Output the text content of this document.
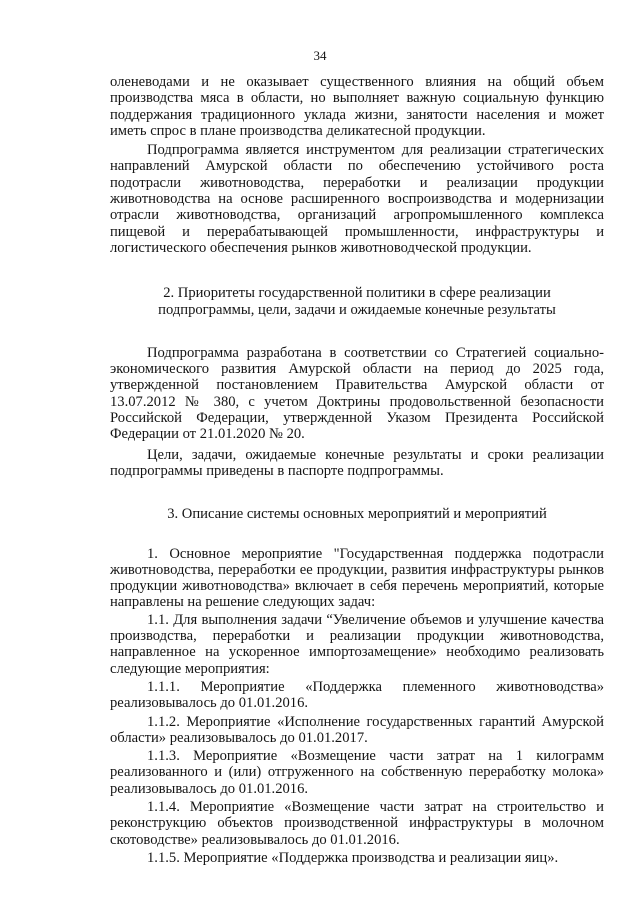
34

оленеводами и не оказывает существенного влияния на общий объем производства мяса в области, но выполняет важную социальную функцию поддержания традиционного уклада жизни, занятости населения и может иметь спрос в плане производства деликатесной продукции.

Подпрограмма является инструментом для реализации стратегических направлений Амурской области по обеспечению устойчивого роста подотрасли животноводства, переработки и реализации продукции животноводства на основе расширенного воспроизводства и модернизации отрасли животноводства, организаций агропромышленного комплекса пищевой и перерабатывающей промышленности, инфраструктуры и логистического обеспечения рынков животноводческой продукции.

2. Приоритеты государственной политики в сфере реализации
подпрограммы, цели, задачи и ожидаемые конечные результаты

Подпрограмма разработана в соответствии со Стратегией социально-экономического развития Амурской области на период до 2025 года, утвержденной постановлением Правительства Амурской области от 13.07.2012 № 380, с учетом Доктрины продовольственной безопасности Российской Федерации, утвержденной Указом Президента Российской Федерации от 21.01.2020 № 20.

Цели, задачи, ожидаемые конечные результаты и сроки реализации подпрограммы приведены в паспорте подпрограммы.

3. Описание системы основных мероприятий и мероприятий

1. Основное мероприятие "Государственная поддержка подотрасли животноводства, переработки ее продукции, развития инфраструктуры рынков продукции животноводства» включает в себя перечень мероприятий, которые направлены на решение следующих задач:

1.1. Для выполнения задачи “Увеличение объемов и улучшение качества производства, переработки и реализации продукции животноводства, направленное на ускоренное импортозамещение» необходимо реализовать следующие мероприятия:

1.1.1. Мероприятие «Поддержка племенного животноводства» реализовывалось до 01.01.2016.

1.1.2. Мероприятие «Исполнение государственных гарантий Амурской области» реализовывалось до 01.01.2017.

1.1.3. Мероприятие «Возмещение части затрат на 1 килограмм реализованного и (или) отгруженного на собственную переработку молока» реализовывалось до 01.01.2016.

1.1.4. Мероприятие «Возмещение части затрат на строительство и реконструкцию объектов производственной инфраструктуры в молочном скотоводстве» реализовывалось до 01.01.2016.

1.1.5. Мероприятие «Поддержка производства и реализации яиц».
